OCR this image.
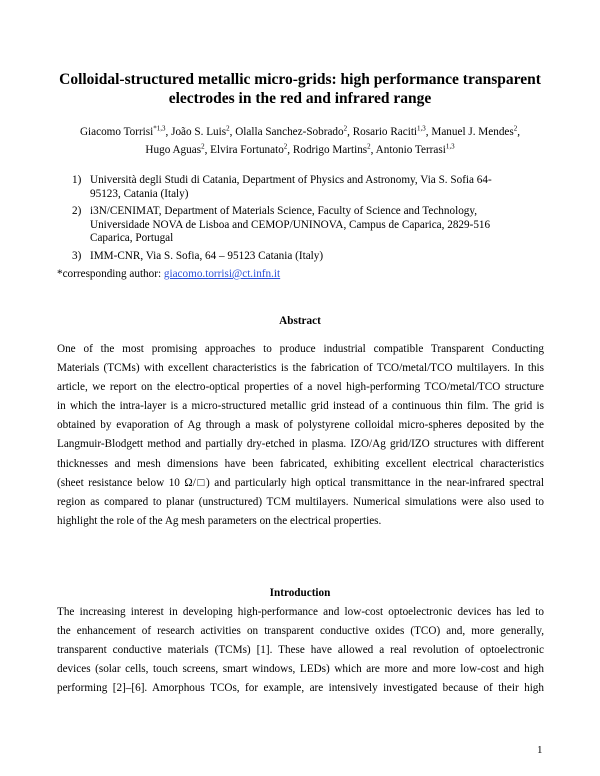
Colloidal-structured metallic micro-grids: high performance transparent
electrodes in the red and infrared range
Giacomo Torrisi$^{*1,3}$, João S. Luis$^2$, Olalla Sanchez-Sobrado$^2$, Rosario Raciti$^{1,3}$, Manuel J. Mendes$^2$,
Hugo Aguas$^2$, Elvira Fortunato$^2$, Rodrigo Martins$^2$, Antonio Terrasi$^{1,3}$
1) Università degli Studi di Catania, Department of Physics and Astronomy, Via S. Sofia 64-
95123, Catania (Italy)
2) i3N/CENIMAT, Department of Materials Science, Faculty of Science and Technology,
Universidade NOVA de Lisboa and CEMOP/UNINOVA, Campus de Caparica, 2829-516
Caparica, Portugal
3) IMM-CNR, Via S. Sofia, 64 – 95123 Catania (Italy)
*corresponding author: giacomo.torrisi@ct.infn.it
Abstract
One of the most promising approaches to produce industrial compatible Transparent Conducting
Materials (TCMs) with excellent characteristics is the fabrication of TCO/metal/TCO multilayers. In this
article, we report on the electro-optical properties of a novel high-performing TCO/metal/TCO structure
in which the intra-layer is a micro-structured metallic grid instead of a continuous thin film. The grid is
obtained by evaporation of Ag through a mask of polystyrene colloidal micro-spheres deposited by the
Langmuir-Blodgett method and partially dry-etched in plasma. IZO/Ag grid/IZO structures with different
thicknesses and mesh dimensions have been fabricated, exhibiting excellent electrical characteristics
(sheet resistance below 10 Ω/□) and particularly high optical transmittance in the near-infrared spectral
region as compared to planar (unstructured) TCM multilayers. Numerical simulations were also used to
highlight the role of the Ag mesh parameters on the electrical properties.
Introduction
The increasing interest in developing high-performance and low-cost optoelectronic devices has led to
the enhancement of research activities on transparent conductive oxides (TCO) and, more generally,
transparent conductive materials (TCMs) [1]. These have allowed a real revolution of optoelectronic
devices (solar cells, touch screens, smart windows, LEDs) which are more and more low-cost and high
performing [2]–[6]. Amorphous TCOs, for example, are intensively investigated because of their high
1
